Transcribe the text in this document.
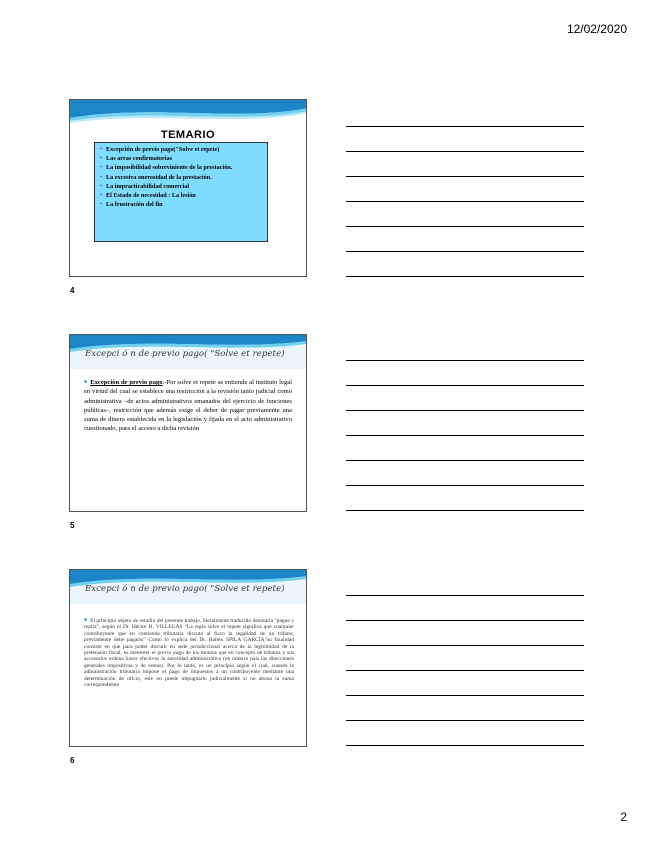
12/02/2020
TEMARIO
▪ Excepción de previo pago("Solve et repete)
▪ Las arras confirmatorias
▪ La imposibilidad sobreviniente de la prestación.
▪ La excesiva onerosidad de la prestación.
▪ La impracticabilidad comercial
▪ El Estado de necesidad : La lesión
▪ La frustración del fin
4
Excepci ó n de previo pago( "Solve et repete)
■ Excepción de previo pago.-Por solve et repete se entiende al instituto legal en virtud del cual se establece una restricción a la revisión tanto judicial como administrativa –de actos administrativos emanados del ejercicio de funciones públicas–, restricción que además exige el deber de pagar previamente una suma de dinero establecida en la legislación y fijada en el acto administrativo cuestionado, para el acceso a dicha revisión
5
Excepci ó n de previo pago( "Solve et repete)
■ El principio objeto de estudio del presente trabajo, literalmente traducido denotaría "pague y repita", según el Dr. Héctor B. VILLEGAS "La regla solve et repete significa que cualquier contribuyente que en contienda tributaria discuta al fisco la legalidad de un tributo, previamente debe pagarlo" Como lo explica del Dr. Rubén SPILA GARCÍA"su finalidad consiste en que para poder discutir en sede jurisdiccional acerca de la legitimidad de la pretensión fiscal, es menester el previo pago de los montos que en concepto de tributos y sus accesorios ordena hacer efectivos la autoridad administrativa (en nuestro país las direcciones generales impositivas y de rentas). Por lo tanto, es un principio según el cual, cuando la administración tributaria impone el pago de impuestos a un contribuyente mediante una determinación de oficio, este no puede impugnarlo judicialmente si no abona la suma correspondiente
6
2
